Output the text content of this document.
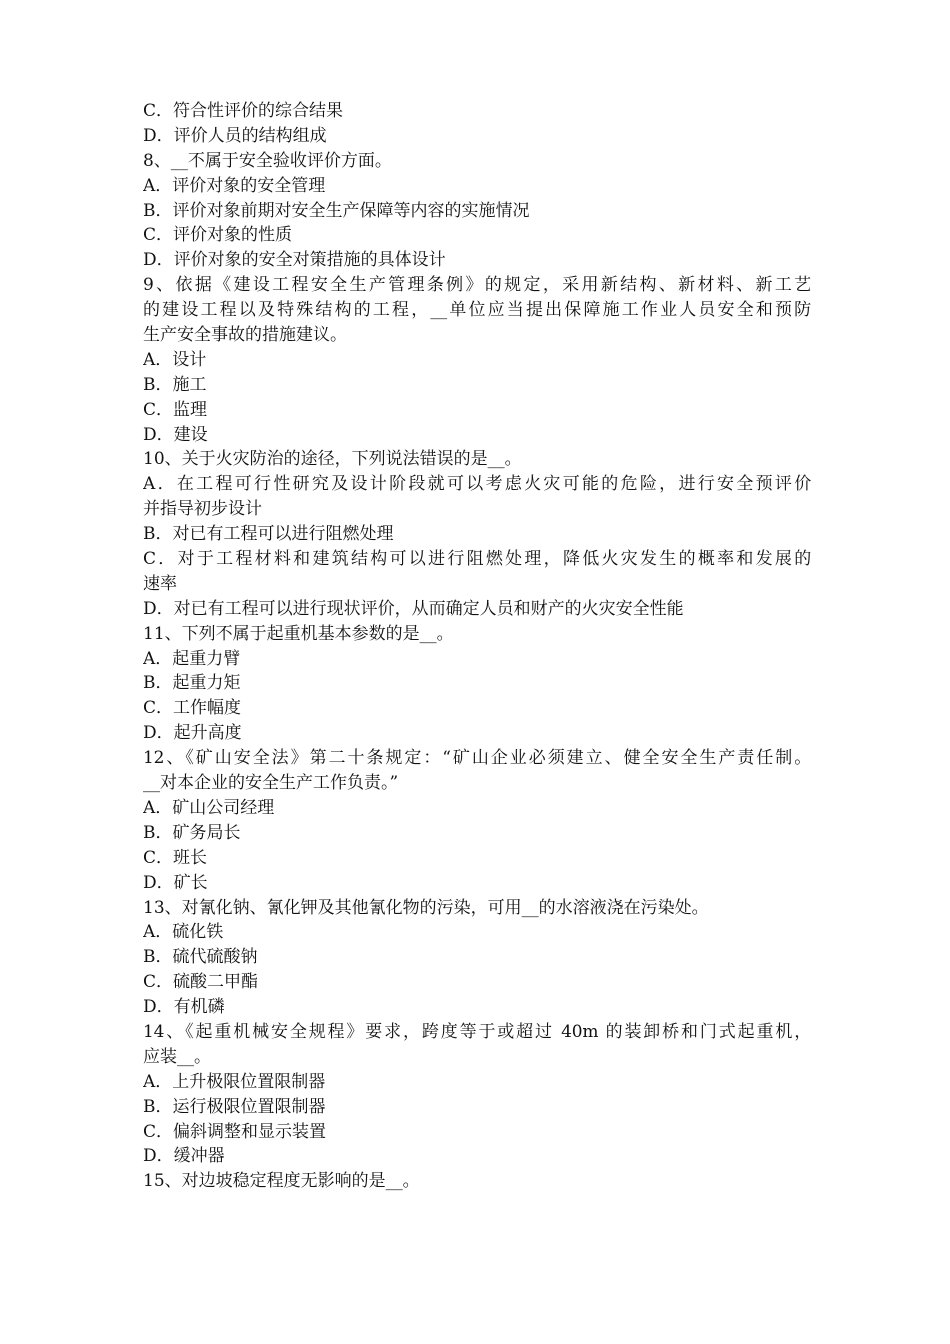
C．符合性评价的综合结果
D．评价人员的结构组成
8、__不属于安全验收评价方面。
A．评价对象的安全管理
B．评价对象前期对安全生产保障等内容的实施情况
C．评价对象的性质
D．评价对象的安全对策措施的具体设计
9、依据《建设工程安全生产管理条例》的规定，采用新结构、新材料、新工艺
的建设工程以及特殊结构的工程，__单位应当提出保障施工作业人员安全和预防
生产安全事故的措施建议。
A．设计
B．施工
C．监理
D．建设
10、关于火灾防治的途径，下列说法错误的是__。
A．在工程可行性研究及设计阶段就可以考虑火灾可能的危险，进行安全预评价
并指导初步设计
B．对已有工程可以进行阻燃处理
C．对于工程材料和建筑结构可以进行阻燃处理，降低火灾发生的概率和发展的
速率
D．对已有工程可以进行现状评价，从而确定人员和财产的火灾安全性能
11、下列不属于起重机基本参数的是__。
A．起重力臂
B．起重力矩
C．工作幅度
D．起升高度
12、《矿山安全法》第二十条规定：“矿山企业必须建立、健全安全生产责任制。
__对本企业的安全生产工作负责。”
A．矿山公司经理
B．矿务局长
C．班长
D．矿长
13、对氰化钠、氰化钾及其他氰化物的污染，可用__的水溶液浇在污染处。
A．硫化铁
B．硫代硫酸钠
C．硫酸二甲酯
D．有机磷
14、《起重机械安全规程》要求，跨度等于或超过 40m 的装卸桥和门式起重机，
应装__。
A．上升极限位置限制器
B．运行极限位置限制器
C．偏斜调整和显示装置
D．缓冲器
15、对边坡稳定程度无影响的是__。
